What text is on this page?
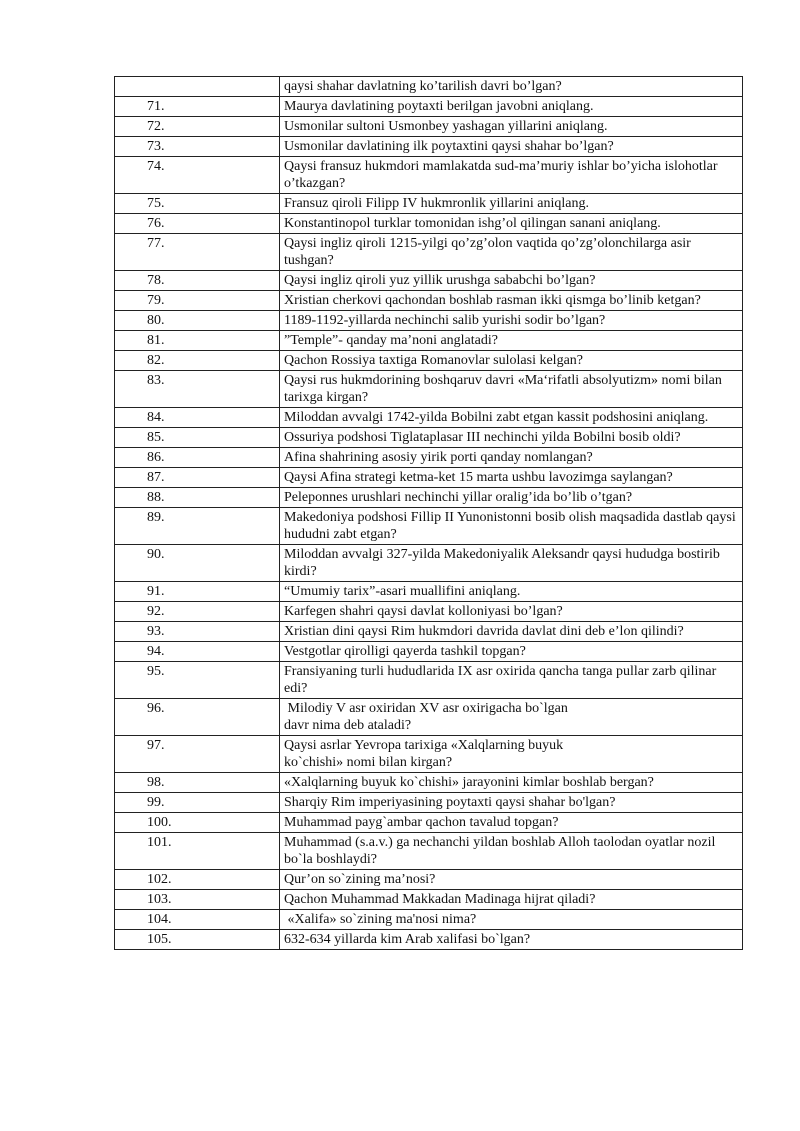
	qaysi shahar davlatning ko’tarilish davri bo’lgan?
71.	Maurya davlatining poytaxti berilgan javobni aniqlang.
72.	Usmonilar sultoni Usmonbey yashagan yillarini aniqlang.
73.	Usmonilar davlatining ilk poytaxtini qaysi shahar bo’lgan?
74.	Qaysi fransuz hukmdori mamlakatda sud-ma’muriy ishlar bo’yicha islohotlar o’tkazgan?
75.	Fransuz qiroli Filipp IV hukmronlik yillarini aniqlang.
76.	Konstantinopol turklar tomonidan ishg’ol qilingan sanani aniqlang.
77.	Qaysi ingliz qiroli 1215-yilgi qo’zg’olon vaqtida qo’zg’olonchilarga asir tushgan?
78.	Qaysi ingliz qiroli yuz yillik urushga sababchi bo’lgan?
79.	Xristian cherkovi qachondan boshlab rasman ikki qismga bo’linib ketgan?
80.	1189-1192-yillarda nechinchi salib yurishi sodir bo’lgan?
81.	”Temple”- qanday ma’noni anglatadi?
82.	Qachon Rossiya taxtiga Romanovlar sulolasi kelgan?
83.	Qaysi rus hukmdorining boshqaruv davri «Ma‘rifatli absolyutizm» nomi bilan tarixga kirgan?
84.	Miloddan avvalgi 1742-yilda Bobilni zabt etgan kassit podshosini aniqlang.
85.	Ossuriya podshosi Tiglataplasar III nechinchi yilda Bobilni bosib oldi?
86.	Afina shahrining asosiy yirik porti qanday nomlangan?
87.	Qaysi Afina strategi ketma-ket 15 marta ushbu lavozimga saylangan?
88.	Peleponnes urushlari nechinchi yillar oralig’ida bo’lib o’tgan?
89.	Makedoniya podshosi Fillip II Yunonistonni bosib olish maqsadida dastlab qaysi hududni zabt etgan?
90.	Miloddan avvalgi 327-yilda Makedoniyalik Aleksandr qaysi hududga bostirib kirdi?
91.	“Umumiy tarix”-asari muallifini aniqlang.
92.	Karfegen shahri qaysi davlat kolloniyasi bo’lgan?
93.	Xristian dini qaysi Rim hukmdori davrida davlat dini deb e’lon qilindi?
94.	Vestgotlar qirolligi qayerda tashkil topgan?
95.	Fransiyaning turli hududlarida IX asr oxirida qancha tanga pullar zarb qilinar edi?
96.	Milodiy V asr oxiridan XV asr oxirigacha bo`lgan
davr nima deb ataladi?
97.	Qaysi asrlar Yevropa tarixiga «Xalqlarning buyuk
ko`chishi» nomi bilan kirgan?
98.	«Xalqlarning buyuk ko`chishi» jarayonini kimlar boshlab bergan?
99.	Sharqiy Rim imperiyasining poytaxti qaysi shahar bo'lgan?
100.	Muhammad payg`ambar qachon tavalud topgan?
101.	Muhammad (s.a.v.) ga nechanchi yildan boshlab Alloh taolodan oyatlar nozil bo`la boshlaydi?
102.	Qur’on so`zining ma’nosi?
103.	Qachon Muhammad Makkadan Madinaga hijrat qiladi?
104.	«Xalifa» so`zining ma'nosi nima?
105.	632-634 yillarda kim Arab xalifasi bo`lgan?
